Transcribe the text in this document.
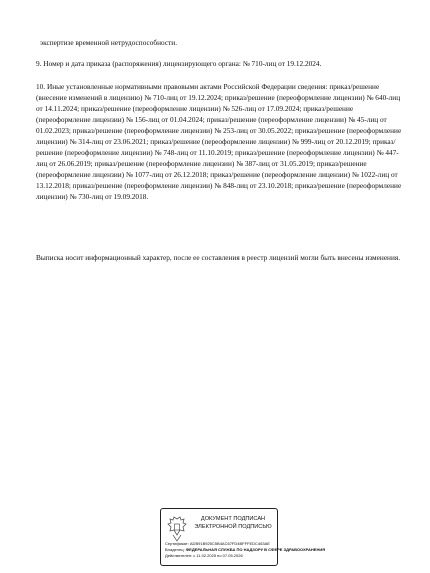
экспертизе временной нетрудоспособности.

9. Номер и дата приказа (распоряжения) лицензирующего органа: № 710-лиц от 19.12.2024.

10. Иные установленные нормативными правовыми актами Российской Федерации сведения: приказ/решение (внесение изменений в лицензию) № 710-лиц от 19.12.2024; приказ/решение (переоформление лицензии) № 640-лиц от 14.11.2024; приказ/решение (переоформление лицензии) № 526-лиц от 17.09.2024; приказ/решение (переоформление лицензии) № 156-лиц от 01.04.2024; приказ/решение (переоформление лицензии) № 45-лиц от 01.02.2023; приказ/решение (переоформление лицензии) № 253-лиц от 30.05.2022; приказ/решение (переоформление лицензии) № 314-лиц от 23.06.2021; приказ/решение (переоформление лицензии) № 999-лиц от 20.12.2019; приказ/решение (переоформление лицензии) № 748-лиц от 11.10.2019; приказ/решение (переоформление лицензии) № 447-лиц от 26.06.2019; приказ/решение (переоформление лицензии) № 387-лиц от 31.05.2019; приказ/решение (переоформление лицензии) № 1077-лиц от 26.12.2018; приказ/решение (переоформление лицензии) № 1022-лиц от 13.12.2018; приказ/решение (переоформление лицензии) № 848-лиц от 23.10.2018; приказ/решение (переоформление лицензии) № 730-лиц от 19.09.2018.

Выписка носит информационный характер, после ее составления в реестр лицензий могли быть внесены изменения.

ДОКУМЕНТ ПОДПИСАН ЭЛЕКТРОННОЙ ПОДПИСЬЮ
Сертификат: ADB91B925C5B4AC67FD4BFFFEDC463AE
Владелец: ФЕДЕРАЛЬНАЯ СЛУЖБА ПО НАДЗОРУ В СФЕРЕ ЗДРАВООХРАНЕНИЯ
Действителен: с 11.02.2025 по 07.05.2026
